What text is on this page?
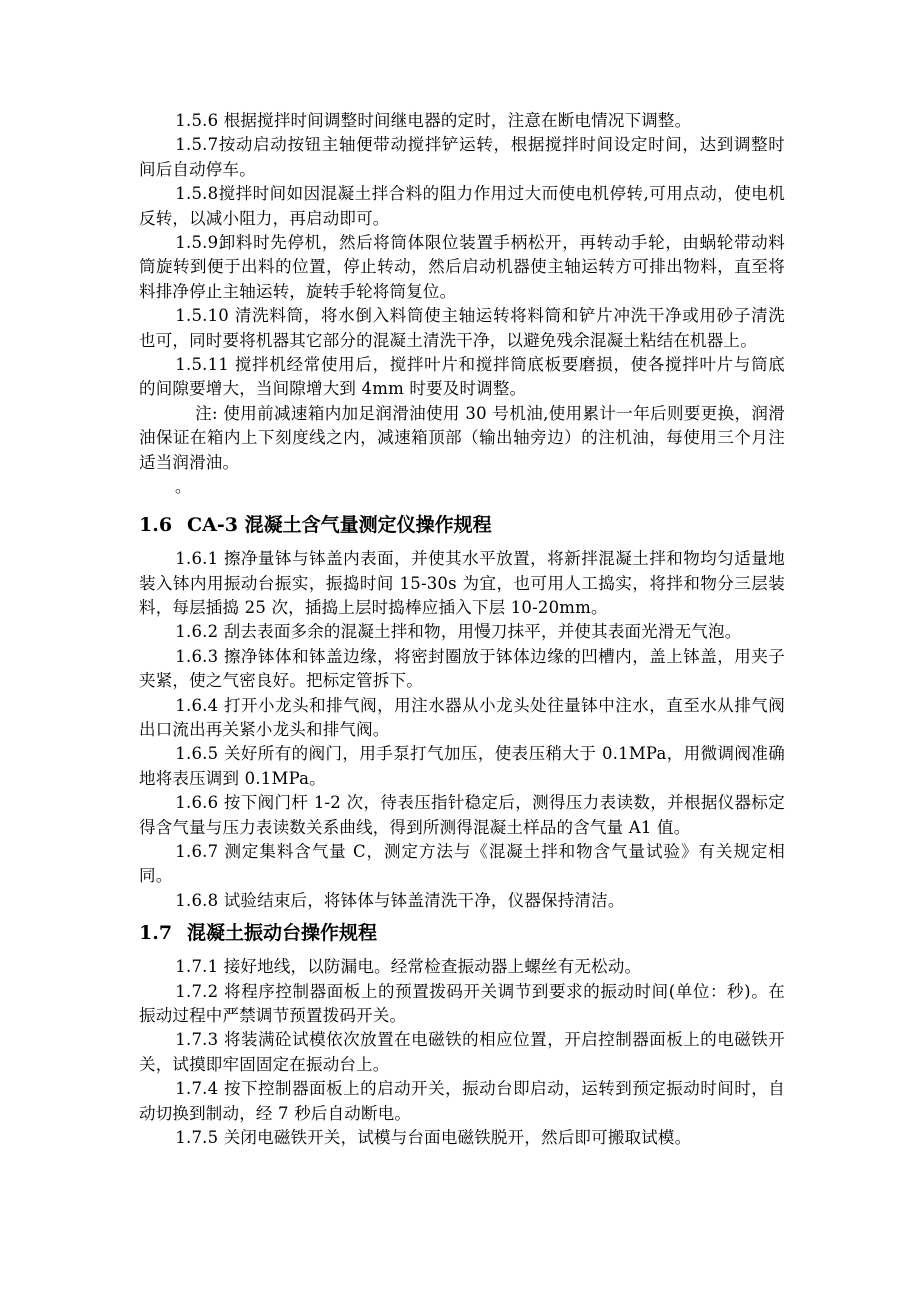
1.5.6 根据搅拌时间调整时间继电器的定时，注意在断电情况下调整。

1.5.7按动启动按钮主轴便带动搅拌铲运转，根据搅拌时间设定时间，达到调整时间后自动停车。

1.5.8搅拌时间如因混凝土拌合料的阻力作用过大而使电机停转,可用点动，使电机反转，以减小阻力，再启动即可。

1.5.9卸料时先停机，然后将筒体限位装置手柄松开，再转动手轮，由蜗轮带动料筒旋转到便于出料的位置，停止转动，然后启动机器使主轴运转方可排出物料，直至将料排净停止主轴运转，旋转手轮将筒复位。

1.5.10 清洗料筒，将水倒入料筒使主轴运转将料筒和铲片冲洗干净或用砂子清洗也可，同时要将机器其它部分的混凝土清洗干净，以避免残余混凝土粘结在机器上。

1.5.11 搅拌机经常使用后，搅拌叶片和搅拌筒底板要磨损，使各搅拌叶片与筒底的间隙要增大，当间隙增大到 4mm 时要及时调整。

注: 使用前减速箱内加足润滑油使用 30 号机油,使用累计一年后则要更换，润滑油保证在箱内上下刻度线之内，减速箱顶部（输出轴旁边）的注机油，每使用三个月注适当润滑油。

。
1.6 CA-3 混凝土含气量测定仪操作规程

1.6.1 擦净量钵与钵盖内表面，并使其水平放置，将新拌混凝土拌和物均匀适量地装入钵内用振动台振实，振捣时间 15-30s 为宜，也可用人工捣实，将拌和物分三层装料，每层插捣 25 次，插捣上层时捣棒应插入下层 10-20mm。

1.6.2 刮去表面多余的混凝土拌和物，用慢刀抹平，并使其表面光滑无气泡。

1.6.3 擦净钵体和钵盖边缘，将密封圈放于钵体边缘的凹槽内，盖上钵盖，用夹子夹紧，使之气密良好。把标定管拆下。

1.6.4 打开小龙头和排气阀，用注水器从小龙头处往量钵中注水，直至水从排气阀出口流出再关紧小龙头和排气阀。

1.6.5 关好所有的阀门，用手泵打气加压，使表压稍大于 0.1MPa，用微调阀准确地将表压调到 0.1MPa。

1.6.6 按下阀门杆 1-2 次，待表压指针稳定后，测得压力表读数，并根据仪器标定得含气量与压力表读数关系曲线，得到所测得混凝土样品的含气量 A1 值。

1.6.7 测定集料含气量 C，测定方法与《混凝土拌和物含气量试验》有关规定相同。

1.6.8 试验结束后，将钵体与钵盖清洗干净，仪器保持清洁。

1.7 混凝土振动台操作规程

1.7.1 接好地线，以防漏电。经常检查振动器上螺丝有无松动。

1.7.2 将程序控制器面板上的预置拨码开关调节到要求的振动时间(单位：秒)。在振动过程中严禁调节预置拨码开关。

1.7.3 将装满砼试模依次放置在电磁铁的相应位置，开启控制器面板上的电磁铁开关，试摸即牢固固定在振动台上。

1.7.4 按下控制器面板上的启动开关，振动台即启动，运转到预定振动时间时，自动切换到制动，经 7 秒后自动断电。

1.7.5 关闭电磁铁开关，试模与台面电磁铁脱开，然后即可搬取试模。
